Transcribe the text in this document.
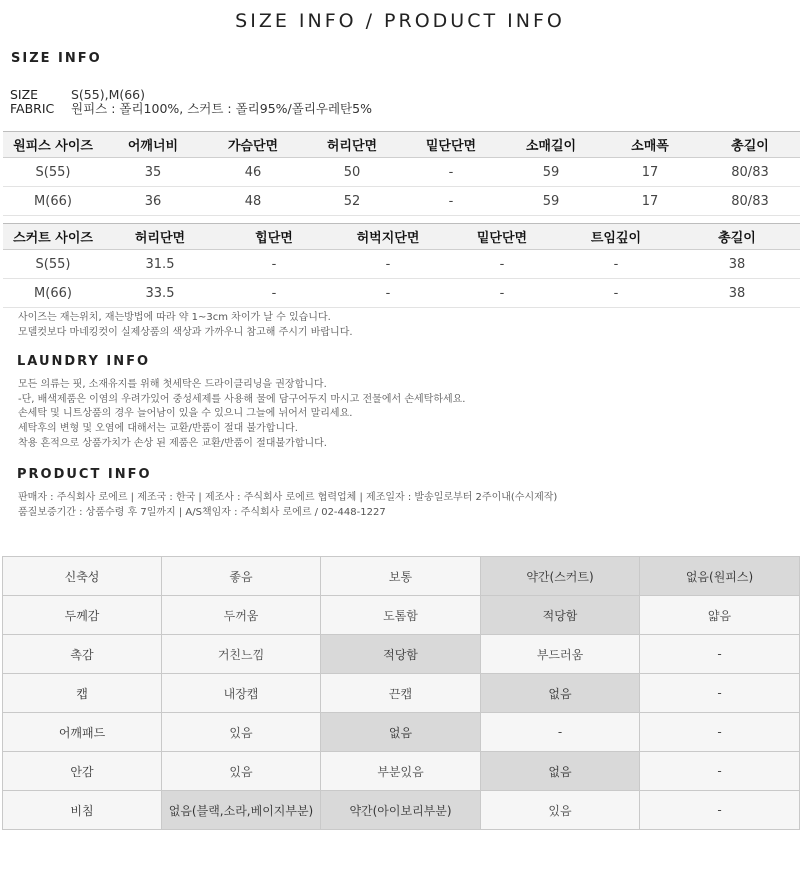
SIZE INFO / PRODUCT INFO
SIZE INFO
SIZE	S(55),M(66)
FABRIC 원피스 : 폴리100%, 스커트 : 폴리95%/폴리우레탄5%
원피스 사이즈	어깨너비	가슴단면	허리단면	밑단단면	소매길이	소매폭	총길이
S(55)	35	46	50	-	59	17	80/83
M(66)	36	48	52	-	59	17	80/83
스커트 사이즈	허리단면	힙단면	허벅지단면	밑단단면	트임깊이	총길이
S(55)	31.5	-	-	-	-	38
M(66)	33.5	-	-	-	-	38
사이즈는 재는위치, 재는방법에 따라 약 1~3cm 차이가 날 수 있습니다.
모델컷보다 마네킹컷이 실제상품의 색상과 가까우니 참고해 주시기 바랍니다.
LAUNDRY INFO
모든 의류는 핏, 소재유지를 위해 첫세탁은 드라이클리닝을 권장합니다.
-단, 배색제품은 이염의 우려가있어 중성세제를 사용해 물에 담구어두지 마시고 전물에서 손세탁하세요.
손세탁 및 니트상품의 경우 늘어남이 있을 수 있으니 그늘에 뉘어서 말리세요.
세탁후의 변형 및 오염에 대해서는 교환/반품이 절대 불가합니다.
착용 흔적으로 상품가치가 손상 된 제품은 교환/반품이 절대불가합니다.
PRODUCT INFO
판매자 : 주식회사 로에르 | 제조국 : 한국 | 제조사 : 주식회사 로에르 협력업체 | 제조일자 : 발송일로부터 2주이내(수시제작)
품질보증기간 : 상품수령 후 7일까지 | A/S책임자 : 주식회사 로에르 / 02-448-1227
신축성	좋음	보통	약간(스커트)	없음(원피스)
두께감	두꺼움	도톰함	적당함	얇음
촉감	거친느낌	적당함	부드러움	-
캡	내장캡	끈캡	없음	-
어깨패드	있음	없음	-	-
안감	있음	부분있음	없음	-
비침	없음(블랙,소라,베이지부분)	약간(아이보리부분)	있음	-
